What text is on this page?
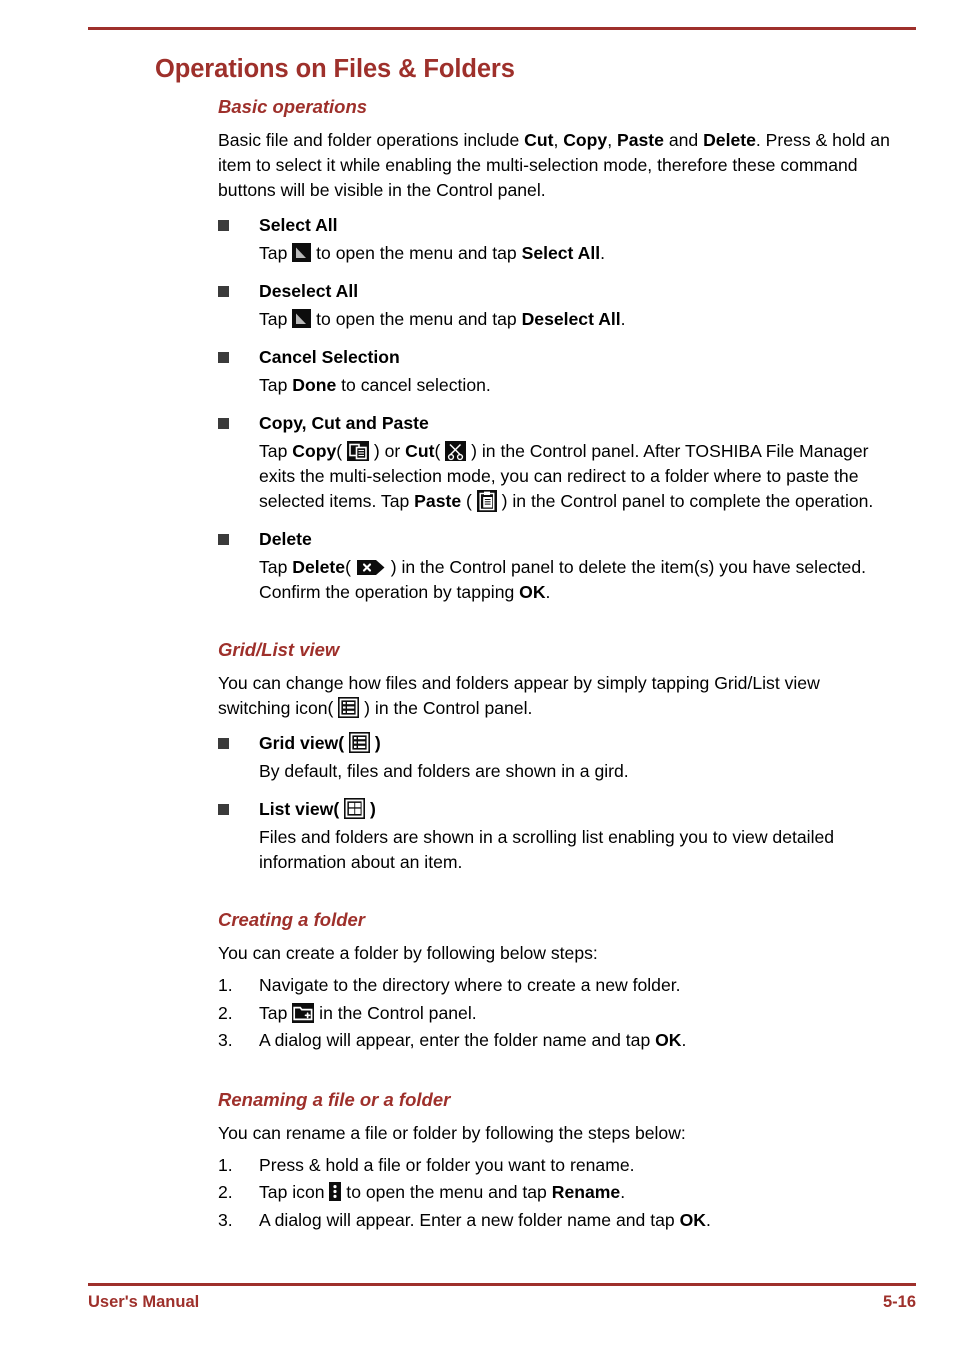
Operations on Files & Folders
Basic operations

Basic file and folder operations include Cut, Copy, Paste and Delete. Press & hold an item to select it while enabling the multi-selection mode, therefore these command buttons will be visible in the Control panel.

Select All
Tap
to open the menu and tap Select All.
Deselect All
Tap
to open the menu and tap Deselect All.
Cancel Selection
Tap Done to cancel selection.
Copy, Cut and Paste
Tap Copy(
) or Cut(
) in the Control panel. After TOSHIBA File Manager exits the multi-selection mode, you can redirect to a folder where to paste the selected items. Tap Paste (
) in the Control panel to complete the operation.
Delete
Tap Delete(
) in the Control panel to delete the item(s) you have selected. Confirm the operation by tapping OK.
Grid/List view

You can change how files and folders appear by simply tapping Grid/List view switching icon(
) in the Control panel.

Grid view(
)
By default, files and folders are shown in a gird.
List view(
)
Files and folders are shown in a scrolling list enabling you to view detailed information about an item.
Creating a folder

You can create a folder by following below steps:

1. Navigate to the directory where to create a new folder.
2. Tap
in the Control panel.
3. A dialog will appear, enter the folder name and tap OK.
Renaming a file or a folder

You can rename a file or folder by following the steps below:

1. Press & hold a file or folder you want to rename.
2. Tap icon
to open the menu and tap Rename.
3. A dialog will appear. Enter a new folder name and tap OK.
User's Manual	5-16
